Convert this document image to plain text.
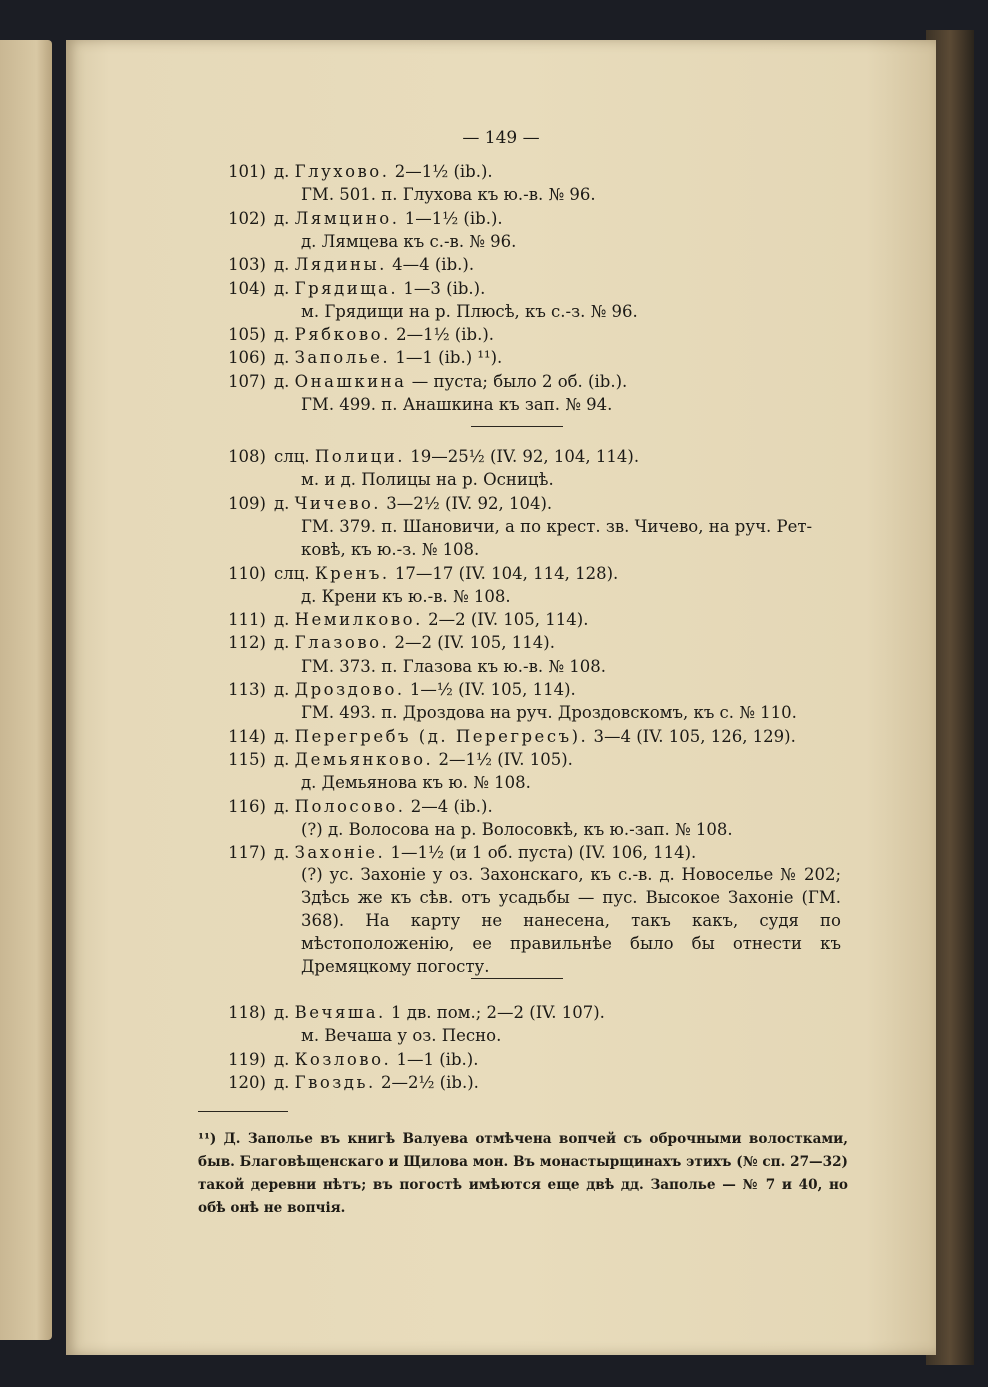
— 149 —
101) д. Глухово. 2—1½ (ib.).
ГМ. 501. п. Глухова къ ю.-в. № 96.
102) д. Лямцино. 1—1½ (ib.).
д. Лямцева къ с.-в. № 96.
103) д. Лядины. 4—4 (ib.).
104) д. Грядища. 1—3 (ib.).
м. Грядищи на р. Плюсѣ, къ с.-з. № 96.
105) д. Рябково. 2—1½ (ib.).
106) д. Заполье. 1—1 (ib.) ¹¹).
107) д. Онашкина — пуста; было 2 об. (ib.).
ГМ. 499. п. Анашкина къ зап. № 94.
108) слц. Полици. 19—25½ (IV. 92, 104, 114).
м. и д. Полицы на р. Осницѣ.
109) д. Чичево. 3—2½ (IV. 92, 104).
ГМ. 379. п. Шановичи, а по крест. зв. Чичево, на руч. Рет-
ковѣ, къ ю.-з. № 108.
110) слц. Кренъ. 17—17 (IV. 104, 114, 128).
д. Крени къ ю.-в. № 108.
111) д. Немилково. 2—2 (IV. 105, 114).
112) д. Глазово. 2—2 (IV. 105, 114).
ГМ. 373. п. Глазова къ ю.-в. № 108.
113) д. Дроздово. 1—½ (IV. 105, 114).
ГМ. 493. п. Дроздова на руч. Дроздовскомъ, къ с. № 110.
114) д. Перегребъ (д. Перегресъ). 3—4 (IV. 105, 126, 129).
115) д. Демьянково. 2—1½ (IV. 105).
д. Демьянова къ ю. № 108.
116) д. Полосово. 2—4 (ib.).
(?) д. Волосова на р. Волосовкѣ, къ ю.-зап. № 108.
117) д. Захоніе. 1—1½ (и 1 об. пуста) (IV. 106, 114).
118) д. Вечяша. 1 дв. пом.; 2—2 (IV. 107).
м. Вечаша у оз. Песно.
119) д. Козлово. 1—1 (ib.).
120) д. Гвоздь. 2—2½ (ib.).
(?) ус. Захоніе у оз. Захонскаго, къ с.-в. д. Новоселье № 202; Здѣсь же къ сѣв. отъ усадьбы — пус. Высокое Захоніе (ГМ. 368). На карту не нанесена, такъ какъ, судя по мѣстоположенію, ее правильнѣе было бы отнести къ Дремяцкому погосту.
¹¹) Д. Заполье въ книгѣ Валуева отмѣчена вопчей съ оброчными волостками, быв. Благовѣщенскаго и Щилова мон. Въ монастырщинахъ этихъ (№ сп. 27—32) такой деревни нѣтъ; въ погостѣ имѣются еще двѣ дд. Заполье — № 7 и 40, но обѣ онѣ не вопчія.
